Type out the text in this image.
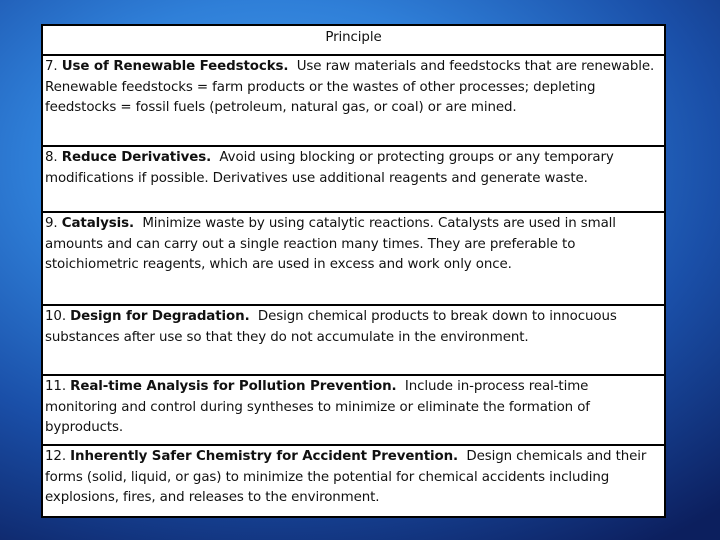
Principle
7. Use of Renewable Feedstocks. Use raw materials and feedstocks that are renewable. Renewable feedstocks = farm products or the wastes of other processes; depleting feedstocks = fossil fuels (petroleum, natural gas, or coal) or are mined.
8. Reduce Derivatives. Avoid using blocking or protecting groups or any temporary modifications if possible. Derivatives use additional reagents and generate waste.
9. Catalysis. Minimize waste by using catalytic reactions. Catalysts are used in small amounts and can carry out a single reaction many times. They are preferable to stoichiometric reagents, which are used in excess and work only once.
10. Design for Degradation. Design chemical products to break down to innocuous substances after use so that they do not accumulate in the environment.
11. Real-time Analysis for Pollution Prevention. Include in-process real-time monitoring and control during syntheses to minimize or eliminate the formation of byproducts.
12. Inherently Safer Chemistry for Accident Prevention. Design chemicals and their forms (solid, liquid, or gas) to minimize the potential for chemical accidents including explosions, fires, and releases to the environment.
